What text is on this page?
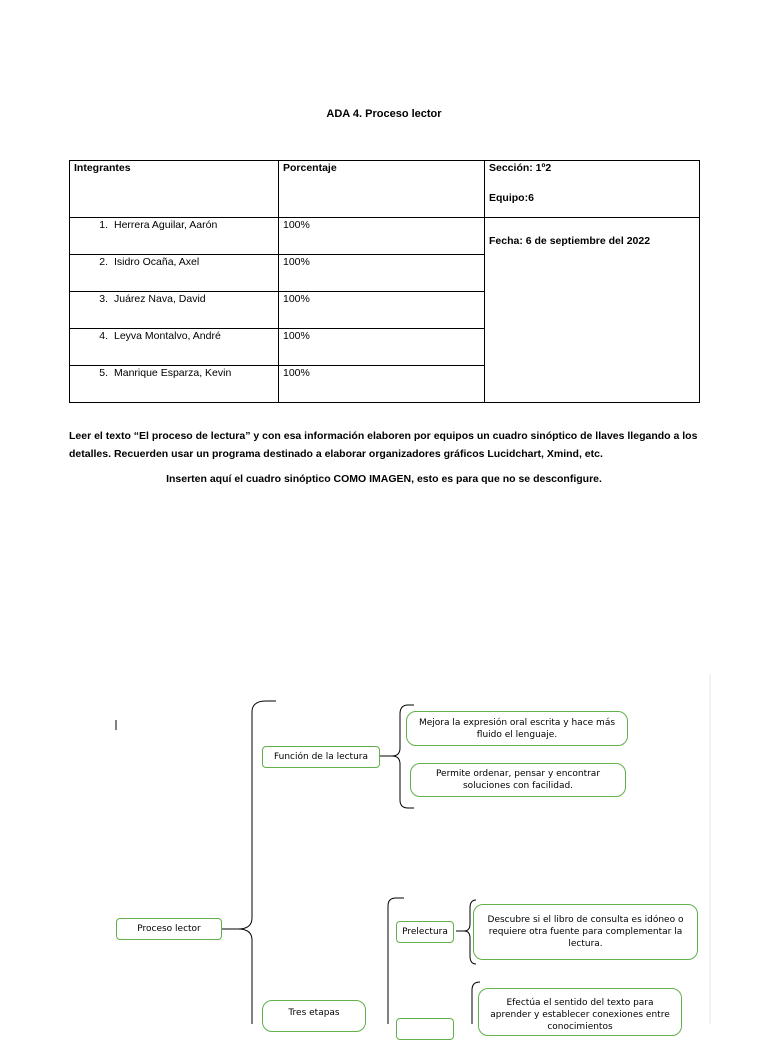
ADA 4. Proceso lector
Integrantes	Porcentaje	Sección: 1º2

Equipo:6

1. Herrera Aguilar, Aarón	100%	Fecha: 6 de septiembre del 2022

2. Isidro Ocaña, Axel	100%	
3. Juárez Nava, David	100%	
4. Leyva Montalvo, André	100%	
5. Manrique Esparza, Kevin	100%	
Leer el texto “El proceso de lectura” y con esa información elaboren por equipos un cuadro sinóptico de llaves llegando a los detalles. Recuerden usar un programa destinado a elaborar organizadores gráficos Lucidchart, Xmind, etc.
Inserten aquí el cuadro sinóptico COMO IMAGEN, esto es para que no se desconfigure.
Proceso lector
Función de la lectura
Mejora la expresión oral escrita y hace más fluido el lenguaje.
Permite ordenar, pensar y encontrar soluciones con facilidad.
Prelectura
Descubre si el libro de consulta es idóneo o requiere otra fuente para complementar la lectura.
Tres etapas
Efectúa el sentido del texto para aprender y establecer conexiones entre conocimientos
